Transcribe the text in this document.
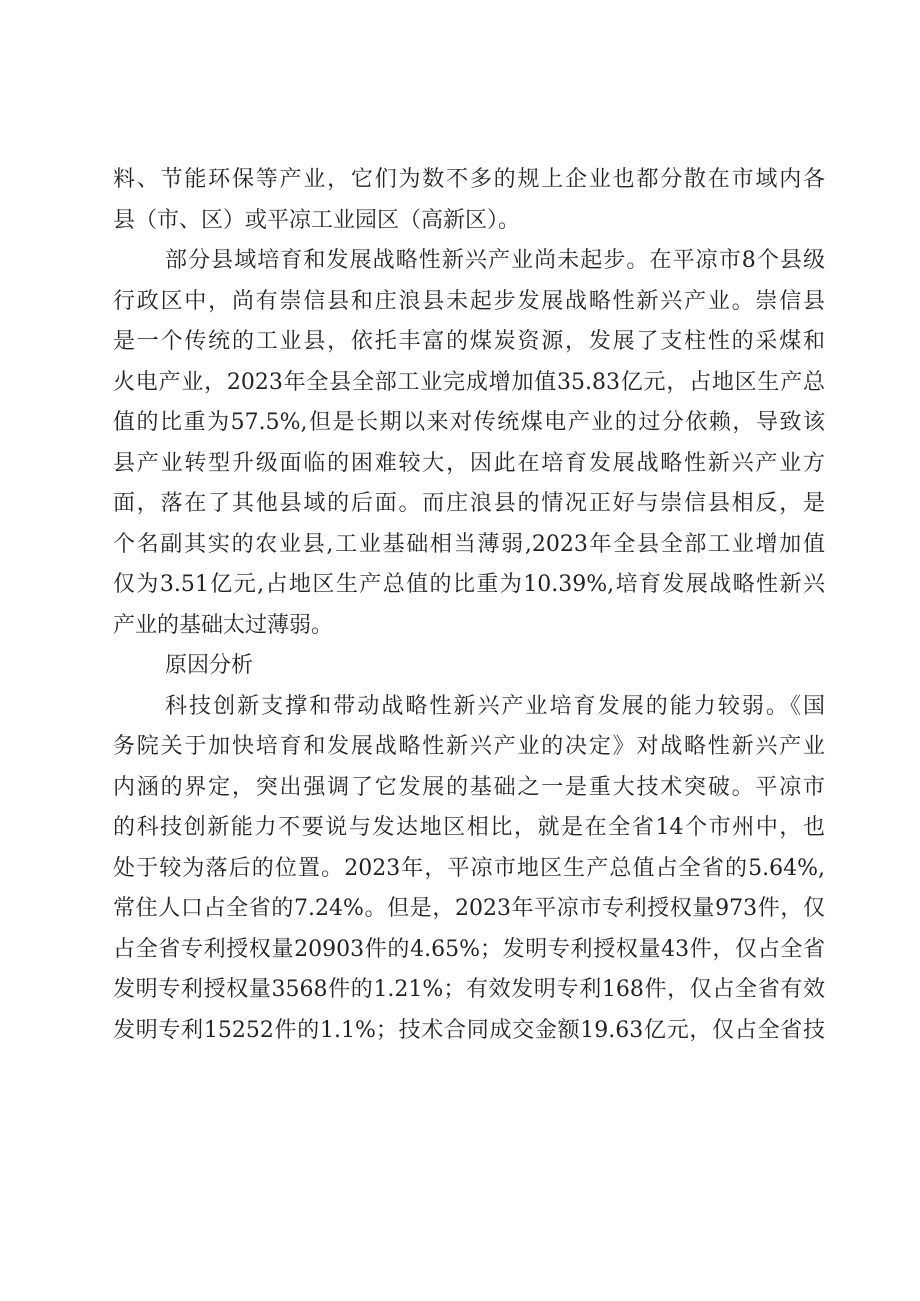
料、节能环保等产业，它们为数不多的规上企业也都分散在市域内各
县（市、区）或平凉工业园区（高新区）。
部分县域培育和发展战略性新兴产业尚未起步。在平凉市8个县级
行政区中，尚有崇信县和庄浪县未起步发展战略性新兴产业。崇信县
是一个传统的工业县，依托丰富的煤炭资源，发展了支柱性的采煤和
火电产业，2023年全县全部工业完成增加值35.83亿元，占地区生产总
值的比重为57.5%,但是长期以来对传统煤电产业的过分依赖，导致该
县产业转型升级面临的困难较大，因此在培育发展战略性新兴产业方
面，落在了其他县域的后面。而庄浪县的情况正好与崇信县相反，是
个名副其实的农业县,工业基础相当薄弱,2023年全县全部工业增加值
仅为3.51亿元,占地区生产总值的比重为10.39%,培育发展战略性新兴
产业的基础太过薄弱。
原因分析
科技创新支撑和带动战略性新兴产业培育发展的能力较弱。《国
务院关于加快培育和发展战略性新兴产业的决定》对战略性新兴产业
内涵的界定，突出强调了它发展的基础之一是重大技术突破。平凉市
的科技创新能力不要说与发达地区相比，就是在全省14个市州中，也
处于较为落后的位置。2023年，平凉市地区生产总值占全省的5.64%,
常住人口占全省的7.24%。但是，2023年平凉市专利授权量973件，仅
占全省专利授权量20903件的4.65%；发明专利授权量43件，仅占全省
发明专利授权量3568件的1.21%；有效发明专利168件，仅占全省有效
发明专利15252件的1.1%；技术合同成交金额19.63亿元，仅占全省技
